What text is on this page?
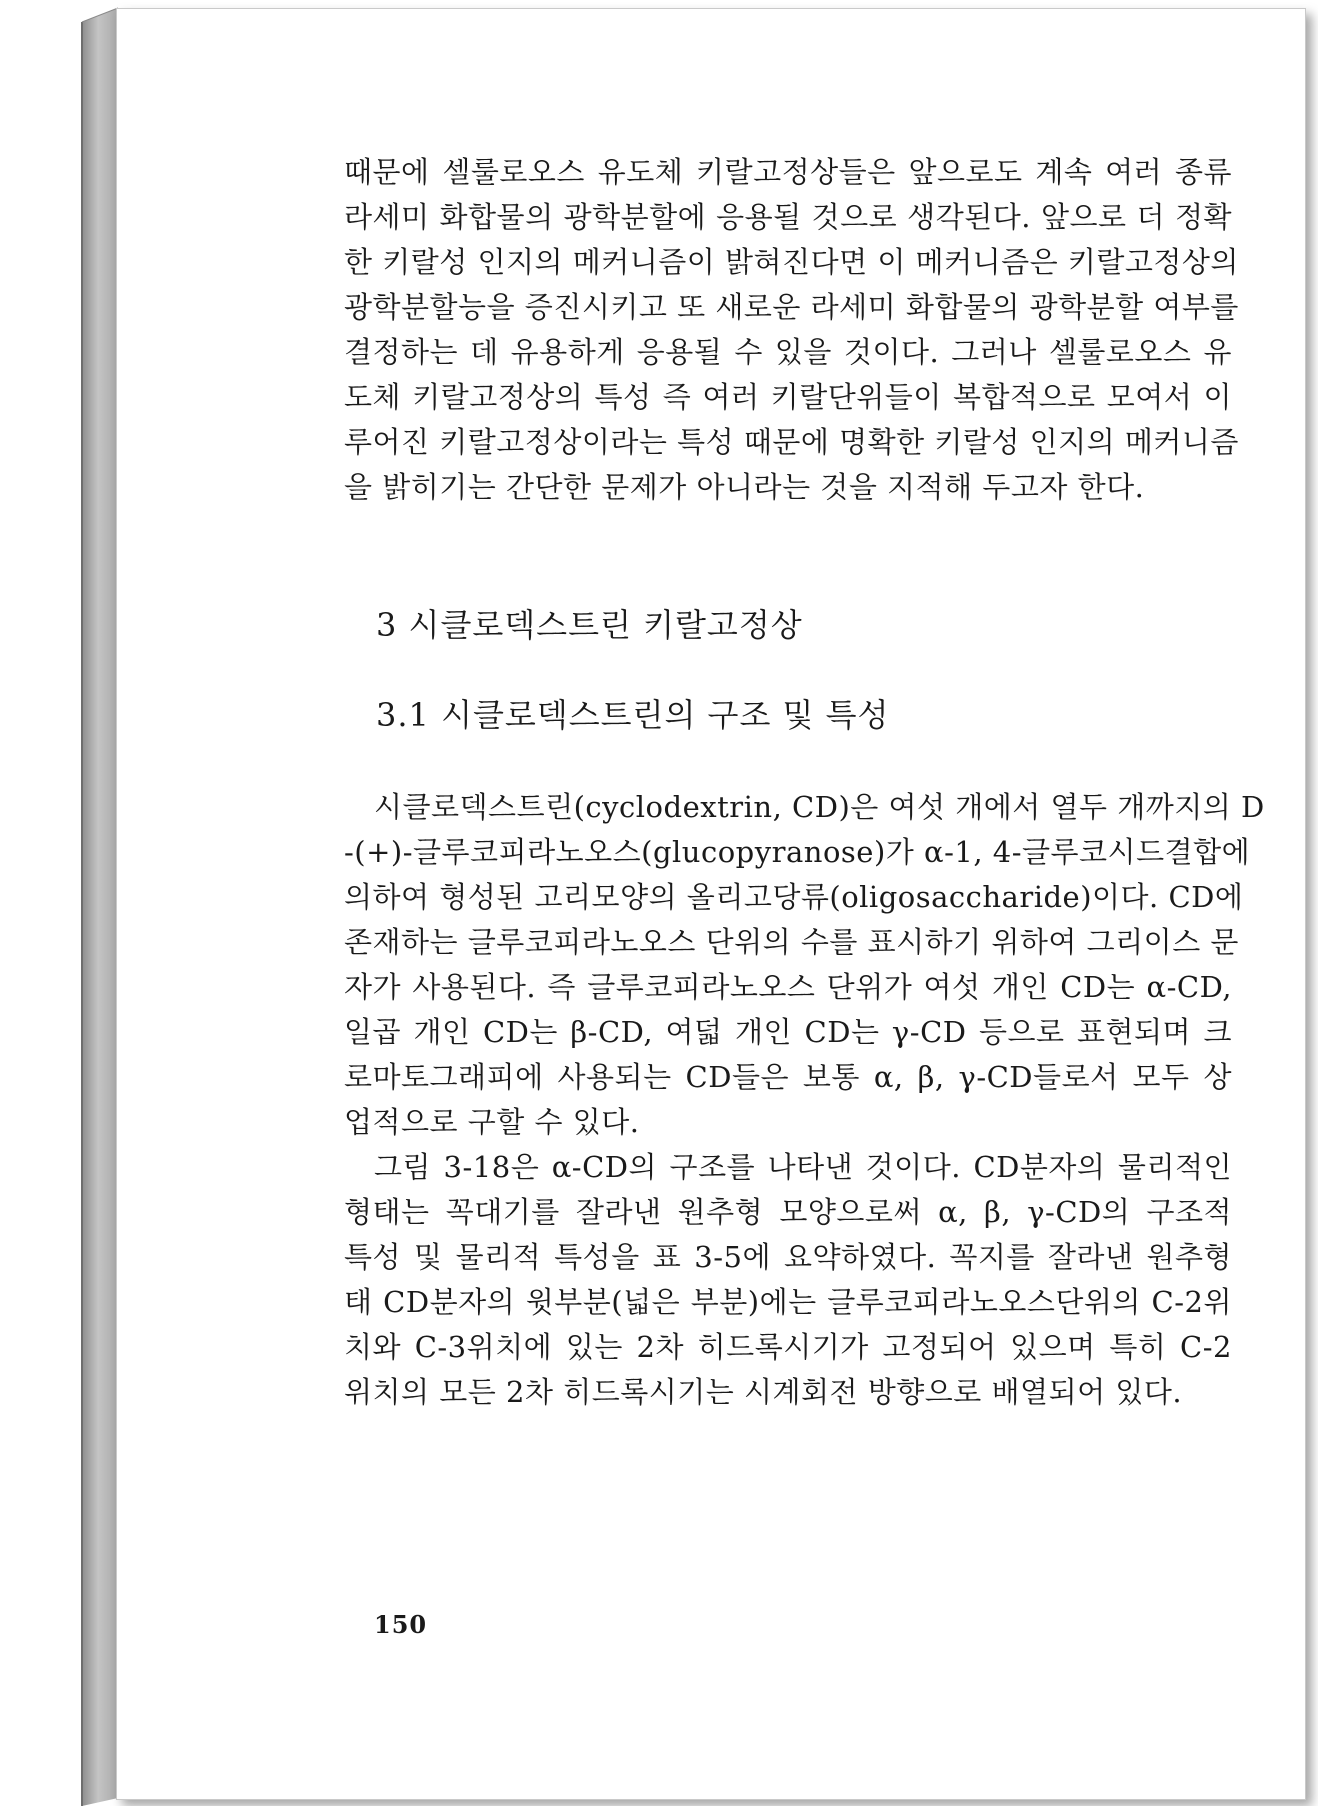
때문에 셀룰로오스 유도체 키랄고정상들은 앞으로도 계속 여러 종류
라세미 화합물의 광학분할에 응용될 것으로 생각된다. 앞으로 더 정확
한 키랄성 인지의 메커니즘이 밝혀진다면 이 메커니즘은 키랄고정상의
광학분할능을 증진시키고 또 새로운 라세미 화합물의 광학분할 여부를
결정하는 데 유용하게 응용될 수 있을 것이다. 그러나 셀룰로오스 유
도체 키랄고정상의 특성 즉 여러 키랄단위들이 복합적으로 모여서 이
루어진 키랄고정상이라는 특성 때문에 명확한 키랄성 인지의 메커니즘
을 밝히기는 간단한 문제가 아니라는 것을 지적해 두고자 한다.

3 시클로덱스트린 키랄고정상
3.1 시클로덱스트린의 구조 및 특성

시클로덱스트린(cyclodextrin, CD)은 여섯 개에서 열두 개까지의 D
-(+)-글루코피라노오스(glucopyranose)가 α-1, 4-글루코시드결합에
의하여 형성된 고리모양의 올리고당류(oligosaccharide)이다. CD에
존재하는 글루코피라노오스 단위의 수를 표시하기 위하여 그리이스 문
자가 사용된다. 즉 글루코피라노오스 단위가 여섯 개인 CD는 α-CD,
일곱 개인 CD는 β-CD, 여덟 개인 CD는 γ-CD 등으로 표현되며 크
로마토그래피에 사용되는 CD들은 보통 α, β, γ-CD들로서 모두 상
업적으로 구할 수 있다.

그림 3-18은 α-CD의 구조를 나타낸 것이다. CD분자의 물리적인
형태는 꼭대기를 잘라낸 원추형 모양으로써 α, β, γ-CD의 구조적
특성 및 물리적 특성을 표 3-5에 요약하였다. 꼭지를 잘라낸 원추형
태 CD분자의 윗부분(넓은 부분)에는 글루코피라노오스단위의 C-2위
치와 C-3위치에 있는 2차 히드록시기가 고정되어 있으며 특히 C-2
위치의 모든 2차 히드록시기는 시계회전 방향으로 배열되어 있다.

150
